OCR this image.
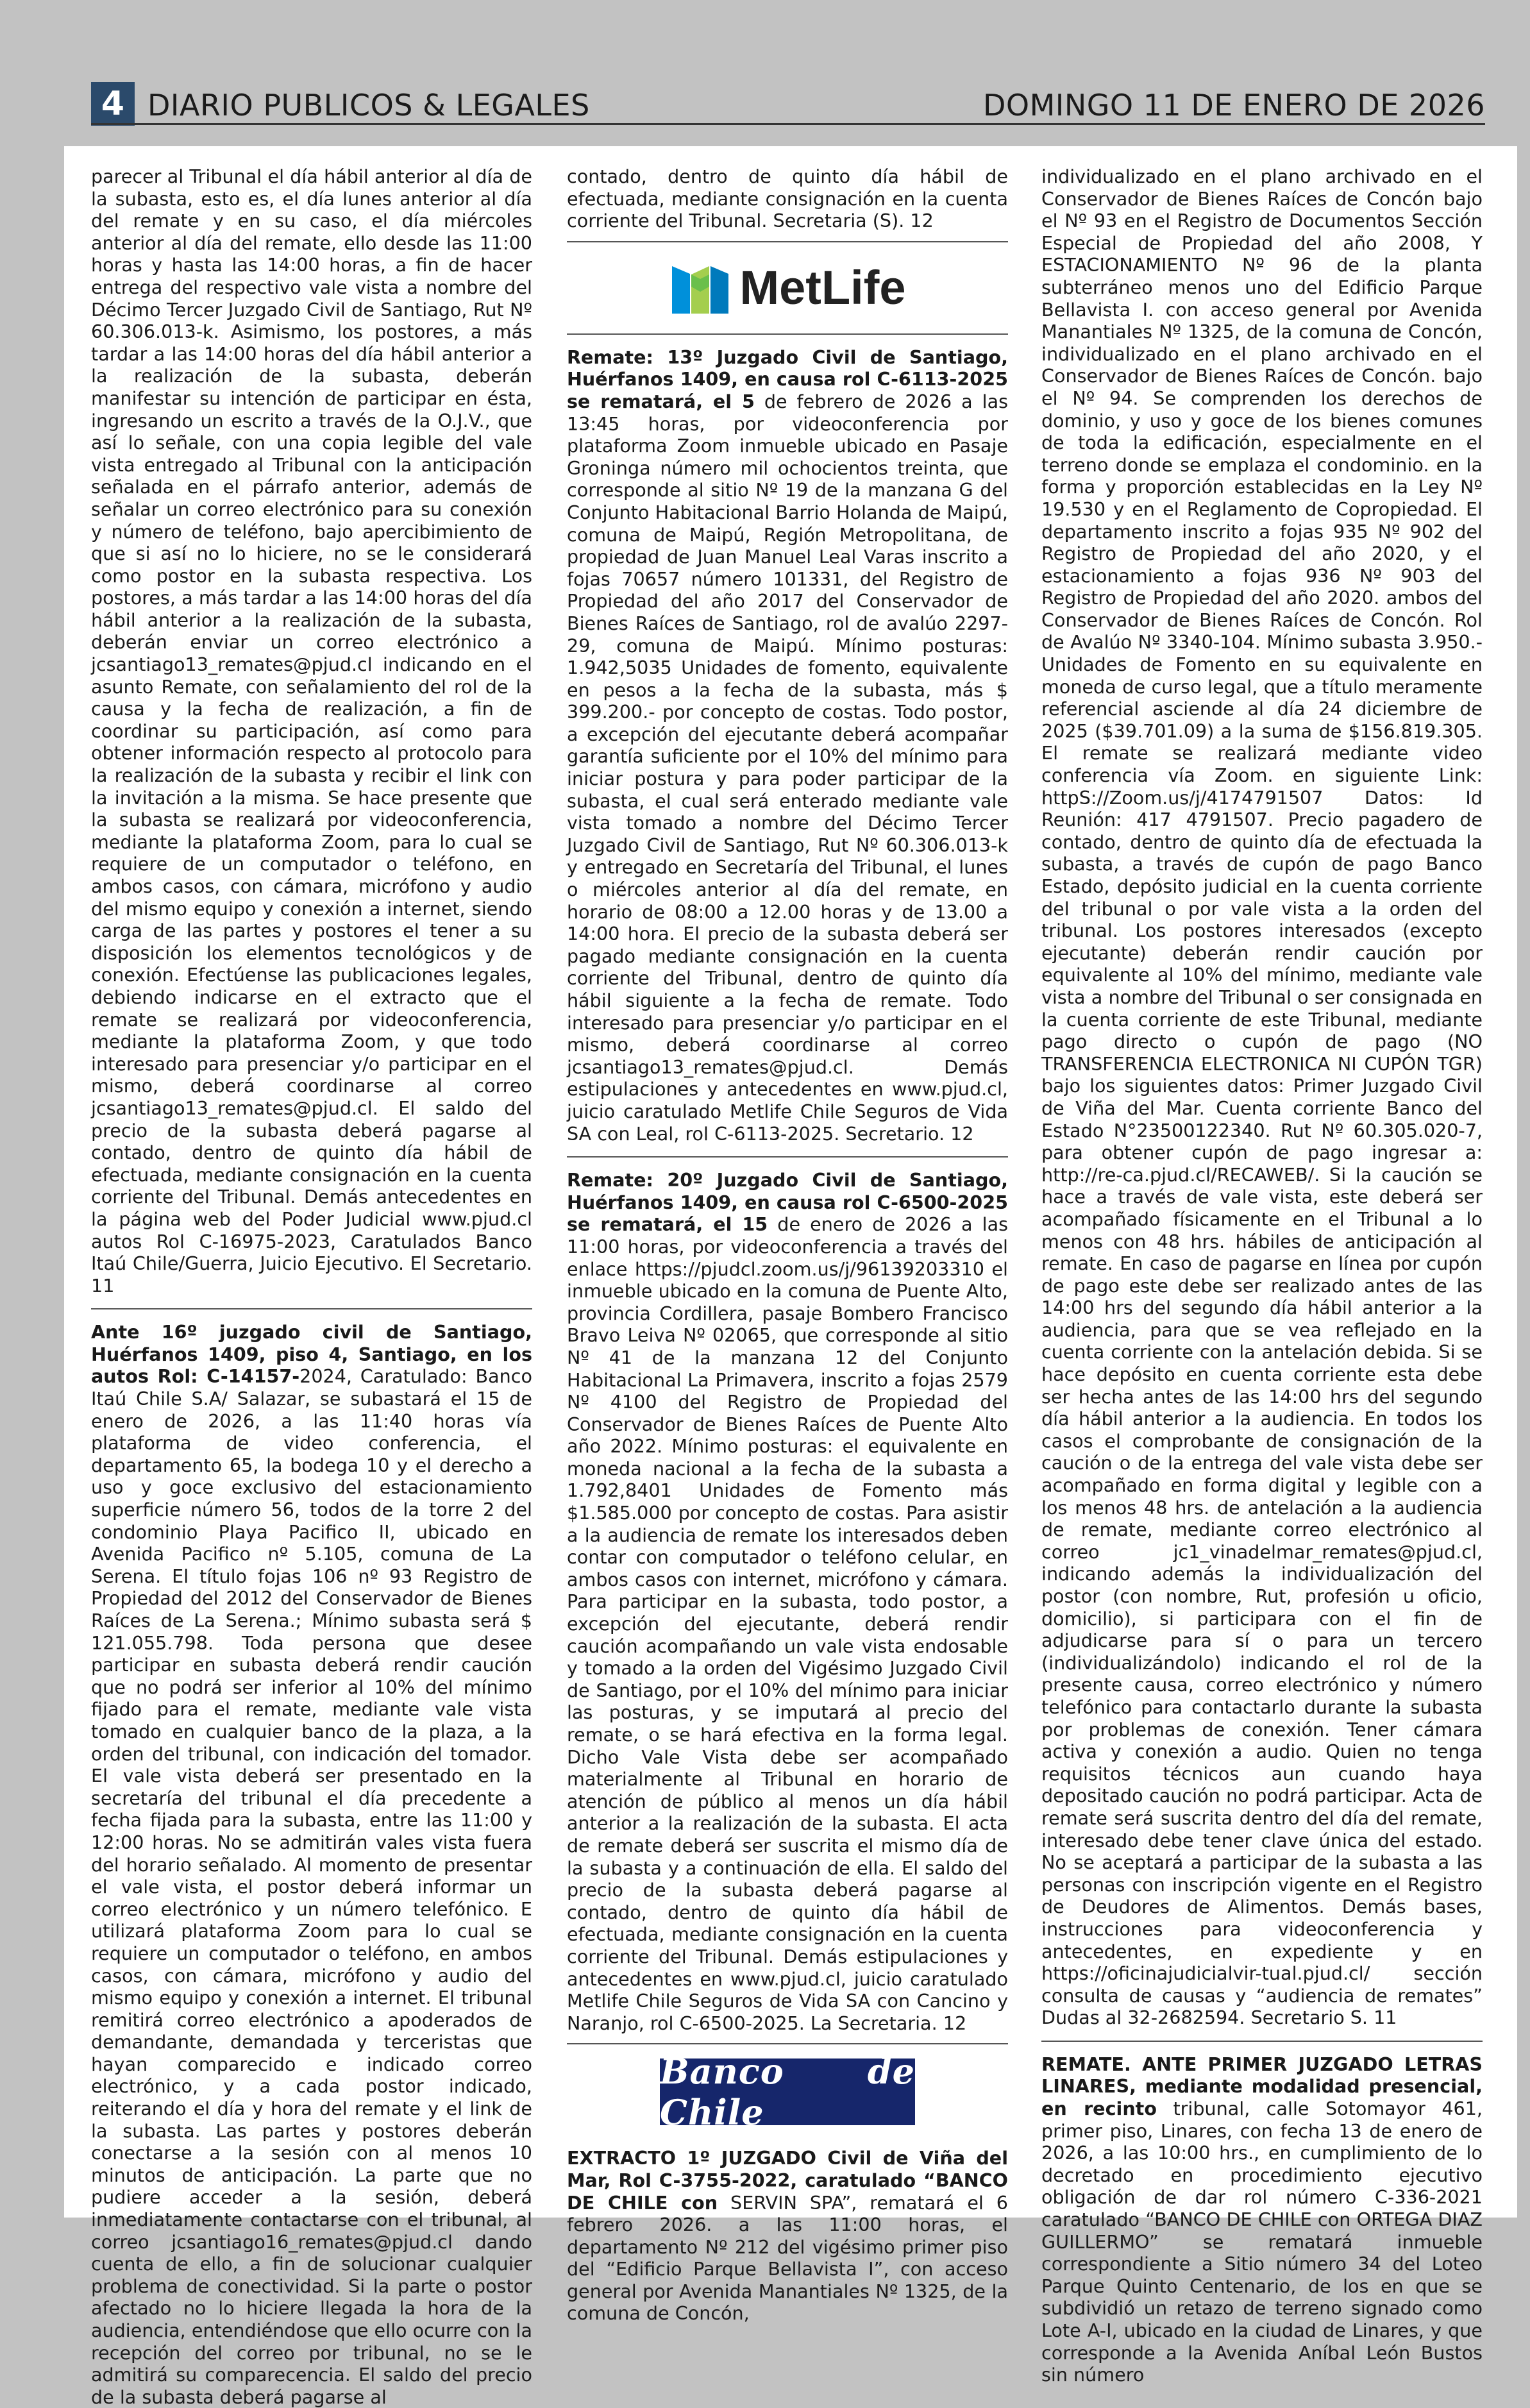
4 DIARIO PUBLICOS & LEGALES	DOMINGO 11 DE ENERO DE 2026

parecer al Tribunal el día hábil anterior al día de la subasta, esto es, el día lunes anterior al día del remate y en su caso, el día miércoles anterior al día del remate, ello desde las 11:00 horas y hasta las 14:00 horas, a fin de hacer entrega del respectivo vale vista a nombre del Décimo Tercer Juzgado Civil de Santiago, Rut Nº 60.306.013-k. Asimismo, los postores, a más tardar a las 14:00 horas del día hábil anterior a la realización de la subasta, deberán manifestar su intención de participar en ésta, ingresando un escrito a través de la O.J.V., que así lo señale, con una copia legible del vale vista entregado al Tribunal con la anticipación señalada en el párrafo anterior, además de señalar un correo electrónico para su conexión y número de teléfono, bajo apercibimiento de que si así no lo hiciere, no se le considerará como postor en la subasta respectiva. Los postores, a más tardar a las 14:00 horas del día hábil anterior a la realización de la subasta, deberán enviar un correo electrónico a jcsantiago13_remates@pjud.cl indicando en el asunto Remate, con señalamiento del rol de la causa y la fecha de realización, a fin de coordinar su participación, así como para obtener información respecto al protocolo para la realización de la subasta y recibir el link con la invitación a la misma. Se hace presente que la subasta se realizará por videoconferencia, mediante la plataforma Zoom, para lo cual se requiere de un computador o teléfono, en ambos casos, con cámara, micrófono y audio del mismo equipo y conexión a internet, siendo carga de las partes y postores el tener a su disposición los elementos tecnológicos y de conexión. Efectúense las publicaciones legales, debiendo indicarse en el extracto que el remate se realizará por videoconferencia, mediante la plataforma Zoom, y que todo interesado para presenciar y/o participar en el mismo, deberá coordinarse al correo jcsantiago13_remates@pjud.cl. El saldo del precio de la subasta deberá pagarse al contado, dentro de quinto día hábil de efectuada, mediante consignación en la cuenta corriente del Tribunal. Demás antecedentes en la página web del Poder Judicial www.pjud.cl autos Rol C-16975-2023, Caratulados Banco Itaú Chile/Guerra, Juicio Ejecutivo. El Secretario. 11

Ante 16º juzgado civil de Santiago, Huérfanos 1409, piso 4, Santiago, en los autos Rol: C-14157-2024, Caratulado: Banco Itaú Chile S.A/ Salazar, se subastará el 15 de enero de 2026, a las 11:40 horas vía plataforma de video conferencia, el departamento 65, la bodega 10 y el derecho a uso y goce exclusivo del estacionamiento superficie número 56, todos de la torre 2 del condominio Playa Pacifico II, ubicado en Avenida Pacifico nº 5.105, comuna de La Serena. El título fojas 106 nº 93 Registro de Propiedad del 2012 del Conservador de Bienes Raíces de La Serena.; Mínimo subasta será $ 121.055.798. Toda persona que desee participar en subasta deberá rendir caución que no podrá ser inferior al 10% del mínimo fijado para el remate, mediante vale vista tomado en cualquier banco de la plaza, a la orden del tribunal, con indicación del tomador. El vale vista deberá ser presentado en la secretaría del tribunal el día precedente a fecha fijada para la subasta, entre las 11:00 y 12:00 horas. No se admitirán vales vista fuera del horario señalado. Al momento de presentar el vale vista, el postor deberá informar un correo electrónico y un número telefónico. E utilizará plataforma Zoom para lo cual se requiere un computador o teléfono, en ambos casos, con cámara, micrófono y audio del mismo equipo y conexión a internet. El tribunal remitirá correo electrónico a apoderados de demandante, demandada y terceristas que hayan comparecido e indicado correo electrónico, y a cada postor indicado, reiterando el día y hora del remate y el link de la subasta. Las partes y postores deberán conectarse a la sesión con al menos 10 minutos de anticipación. La parte que no pudiere acceder a la sesión, deberá inmediatamente contactarse con el tribunal, al correo jcsantiago16_remates@pjud.cl dando cuenta de ello, a fin de solucionar cualquier problema de conectividad. Si la parte o postor afectado no lo hiciere llegada la hora de la audiencia, entendiéndose que ello ocurre con la recepción del correo por tribunal, no se le admitirá su comparecencia. El saldo del precio de la subasta deberá pagarse al

contado, dentro de quinto día hábil de efectuada, mediante consignación en la cuenta corriente del Tribunal. Secretaria (S). 12

MetLife

Remate: 13º Juzgado Civil de Santiago, Huérfanos 1409, en causa rol C-6113-2025 se rematará, el 5 de febrero de 2026 a las 13:45 horas, por videoconferencia por plataforma Zoom inmueble ubicado en Pasaje Groninga número mil ochocientos treinta, que corresponde al sitio Nº 19 de la manzana G del Conjunto Habitacional Barrio Holanda de Maipú, comuna de Maipú, Región Metropolitana, de propiedad de Juan Manuel Leal Varas inscrito a fojas 70657 número 101331, del Registro de Propiedad del año 2017 del Conservador de Bienes Raíces de Santiago, rol de avalúo 2297-29, comuna de Maipú. Mínimo posturas: 1.942,5035 Unidades de fomento, equivalente en pesos a la fecha de la subasta, más $ 399.200.- por concepto de costas. Todo postor, a excepción del ejecutante deberá acompañar garantía suficiente por el 10% del mínimo para iniciar postura y para poder participar de la subasta, el cual será enterado mediante vale vista tomado a nombre del Décimo Tercer Juzgado Civil de Santiago, Rut Nº 60.306.013-k y entregado en Secretaría del Tribunal, el lunes o miércoles anterior al día del remate, en horario de 08:00 a 12.00 horas y de 13.00 a 14:00 hora. El precio de la subasta deberá ser pagado mediante consignación en la cuenta corriente del Tribunal, dentro de quinto día hábil siguiente a la fecha de remate. Todo interesado para presenciar y/o participar en el mismo, deberá coordinarse al correo jcsantiago13_remates@pjud.cl. Demás estipulaciones y antecedentes en www.pjud.cl, juicio caratulado Metlife Chile Seguros de Vida SA con Leal, rol C-6113-2025. Secretario. 12

Remate: 20º Juzgado Civil de Santiago, Huérfanos 1409, en causa rol C-6500-2025 se rematará, el 15 de enero de 2026 a las 11:00 horas, por videoconferencia a través del enlace https://pjudcl.zoom.us/j/96139203310 el inmueble ubicado en la comuna de Puente Alto, provincia Cordillera, pasaje Bombero Francisco Bravo Leiva Nº 02065, que corresponde al sitio Nº 41 de la manzana 12 del Conjunto Habitacional La Primavera, inscrito a fojas 2579 Nº 4100 del Registro de Propiedad del Conservador de Bienes Raíces de Puente Alto año 2022. Mínimo posturas: el equivalente en moneda nacional a la fecha de la subasta a 1.792,8401 Unidades de Fomento más $1.585.000 por concepto de costas. Para asistir a la audiencia de remate los interesados deben contar con computador o teléfono celular, en ambos casos con internet, micrófono y cámara. Para participar en la subasta, todo postor, a excepción del ejecutante, deberá rendir caución acompañando un vale vista endosable y tomado a la orden del Vigésimo Juzgado Civil de Santiago, por el 10% del mínimo para iniciar las posturas, y se imputará al precio del remate, o se hará efectiva en la forma legal. Dicho Vale Vista debe ser acompañado materialmente al Tribunal en horario de atención de público al menos un día hábil anterior a la realización de la subasta. El acta de remate deberá ser suscrita el mismo día de la subasta y a continuación de ella. El saldo del precio de la subasta deberá pagarse al contado, dentro de quinto día hábil de efectuada, mediante consignación en la cuenta corriente del Tribunal. Demás estipulaciones y antecedentes en www.pjud.cl, juicio caratulado Metlife Chile Seguros de Vida SA con Cancino y Naranjo, rol C-6500-2025. La Secretaria. 12

Banco de Chile

EXTRACTO 1º JUZGADO Civil de Viña del Mar, Rol C-3755-2022, caratulado “BANCO DE CHILE con SERVIN SPA”, rematará el 6 febrero 2026. a las 11:00 horas, el departamento Nº 212 del vigésimo primer piso del “Edificio Parque Bellavista I”, con acceso general por Avenida Manantiales Nº 1325, de la comuna de Concón,

individualizado en el plano archivado en el Conservador de Bienes Raíces de Concón bajo el Nº 93 en el Registro de Documentos Sección Especial de Propiedad del año 2008, Y ESTACIONAMIENTO Nº 96 de la planta subterráneo menos uno del Edificio Parque Bellavista I. con acceso general por Avenida Manantiales Nº 1325, de la comuna de Concón, individualizado en el plano archivado en el Conservador de Bienes Raíces de Concón. bajo el Nº 94. Se comprenden los derechos de dominio, y uso y goce de los bienes comunes de toda la edificación, especialmente en el terreno donde se emplaza el condominio. en la forma y proporción establecidas en la Ley Nº 19.530 y en el Reglamento de Copropiedad. El departamento inscrito a fojas 935 Nº 902 del Registro de Propiedad del año 2020, y el estacionamiento a fojas 936 Nº 903 del Registro de Propiedad del año 2020. ambos del Conservador de Bienes Raíces de Concón. Rol de Avalúo Nº 3340-104. Mínimo subasta 3.950.- Unidades de Fomento en su equivalente en moneda de curso legal, que a título meramente referencial asciende al día 24 diciembre de 2025 ($39.701.09) a la suma de $156.819.305. El remate se realizará mediante video conferencia vía Zoom. en siguiente Link: httpS://Zoom.us/j/4174791507 Datos: Id Reunión: 417 4791507. Precio pagadero de contado, dentro de quinto día de efectuada la subasta, a través de cupón de pago Banco Estado, depósito judicial en la cuenta corriente del tribunal o por vale vista a la orden del tribunal. Los postores interesados (excepto ejecutante) deberán rendir caución por equivalente al 10% del mínimo, mediante vale vista a nombre del Tribunal o ser consignada en la cuenta corriente de este Tribunal, mediante pago directo o cupón de pago (NO TRANSFERENCIA ELECTRONICA NI CUPÓN TGR) bajo los siguientes datos: Primer Juzgado Civil de Viña del Mar. Cuenta corriente Banco del Estado N°23500122340. Rut Nº 60.305.020-7, para obtener cupón de pago ingresar a: http://re-ca.pjud.cl/RECAWEB/. Si la caución se hace a través de vale vista, este deberá ser acompañado físicamente en el Tribunal a lo menos con 48 hrs. hábiles de anticipación al remate. En caso de pagarse en línea por cupón de pago este debe ser realizado antes de las 14:00 hrs del segundo día hábil anterior a la audiencia, para que se vea reflejado en la cuenta corriente con la antelación debida. Si se hace depósito en cuenta corriente esta debe ser hecha antes de las 14:00 hrs del segundo día hábil anterior a la audiencia. En todos los casos el comprobante de consignación de la caución o de la entrega del vale vista debe ser acompañado en forma digital y legible con a los menos 48 hrs. de antelación a la audiencia de remate, mediante correo electrónico al correo jc1_vinadelmar_remates@pjud.cl, indicando además la individualización del postor (con nombre, Rut, profesión u oficio, domicilio), si participara con el fin de adjudicarse para sí o para un tercero (individualizándolo) indicando el rol de la presente causa, correo electrónico y número telefónico para contactarlo durante la subasta por problemas de conexión. Tener cámara activa y conexión a audio. Quien no tenga requisitos técnicos aun cuando haya depositado caución no podrá participar. Acta de remate será suscrita dentro del día del remate, interesado debe tener clave única del estado. No se aceptará a participar de la subasta a las personas con inscripción vigente en el Registro de Deudores de Alimentos. Demás bases, instrucciones para videoconferencia y antecedentes, en expediente y en https://oficinajudicialvir-tual.pjud.cl/ sección consulta de causas y “audiencia de remates” Dudas al 32-2682594. Secretario S. 11

REMATE. ANTE PRIMER JUZGADO LETRAS LINARES, mediante modalidad presencial, en recinto tribunal, calle Sotomayor 461, primer piso, Linares, con fecha 13 de enero de 2026, a las 10:00 hrs., en cumplimiento de lo decretado en procedimiento ejecutivo obligación de dar rol número C-336-2021 caratulado “BANCO DE CHILE con ORTEGA DIAZ GUILLERMO” se rematará inmueble correspondiente a Sitio número 34 del Loteo Parque Quinto Centenario, de los en que se subdividió un retazo de terreno signado como Lote A-I, ubicado en la ciudad de Linares, y que corresponde a la Avenida Aníbal León Bustos sin número
